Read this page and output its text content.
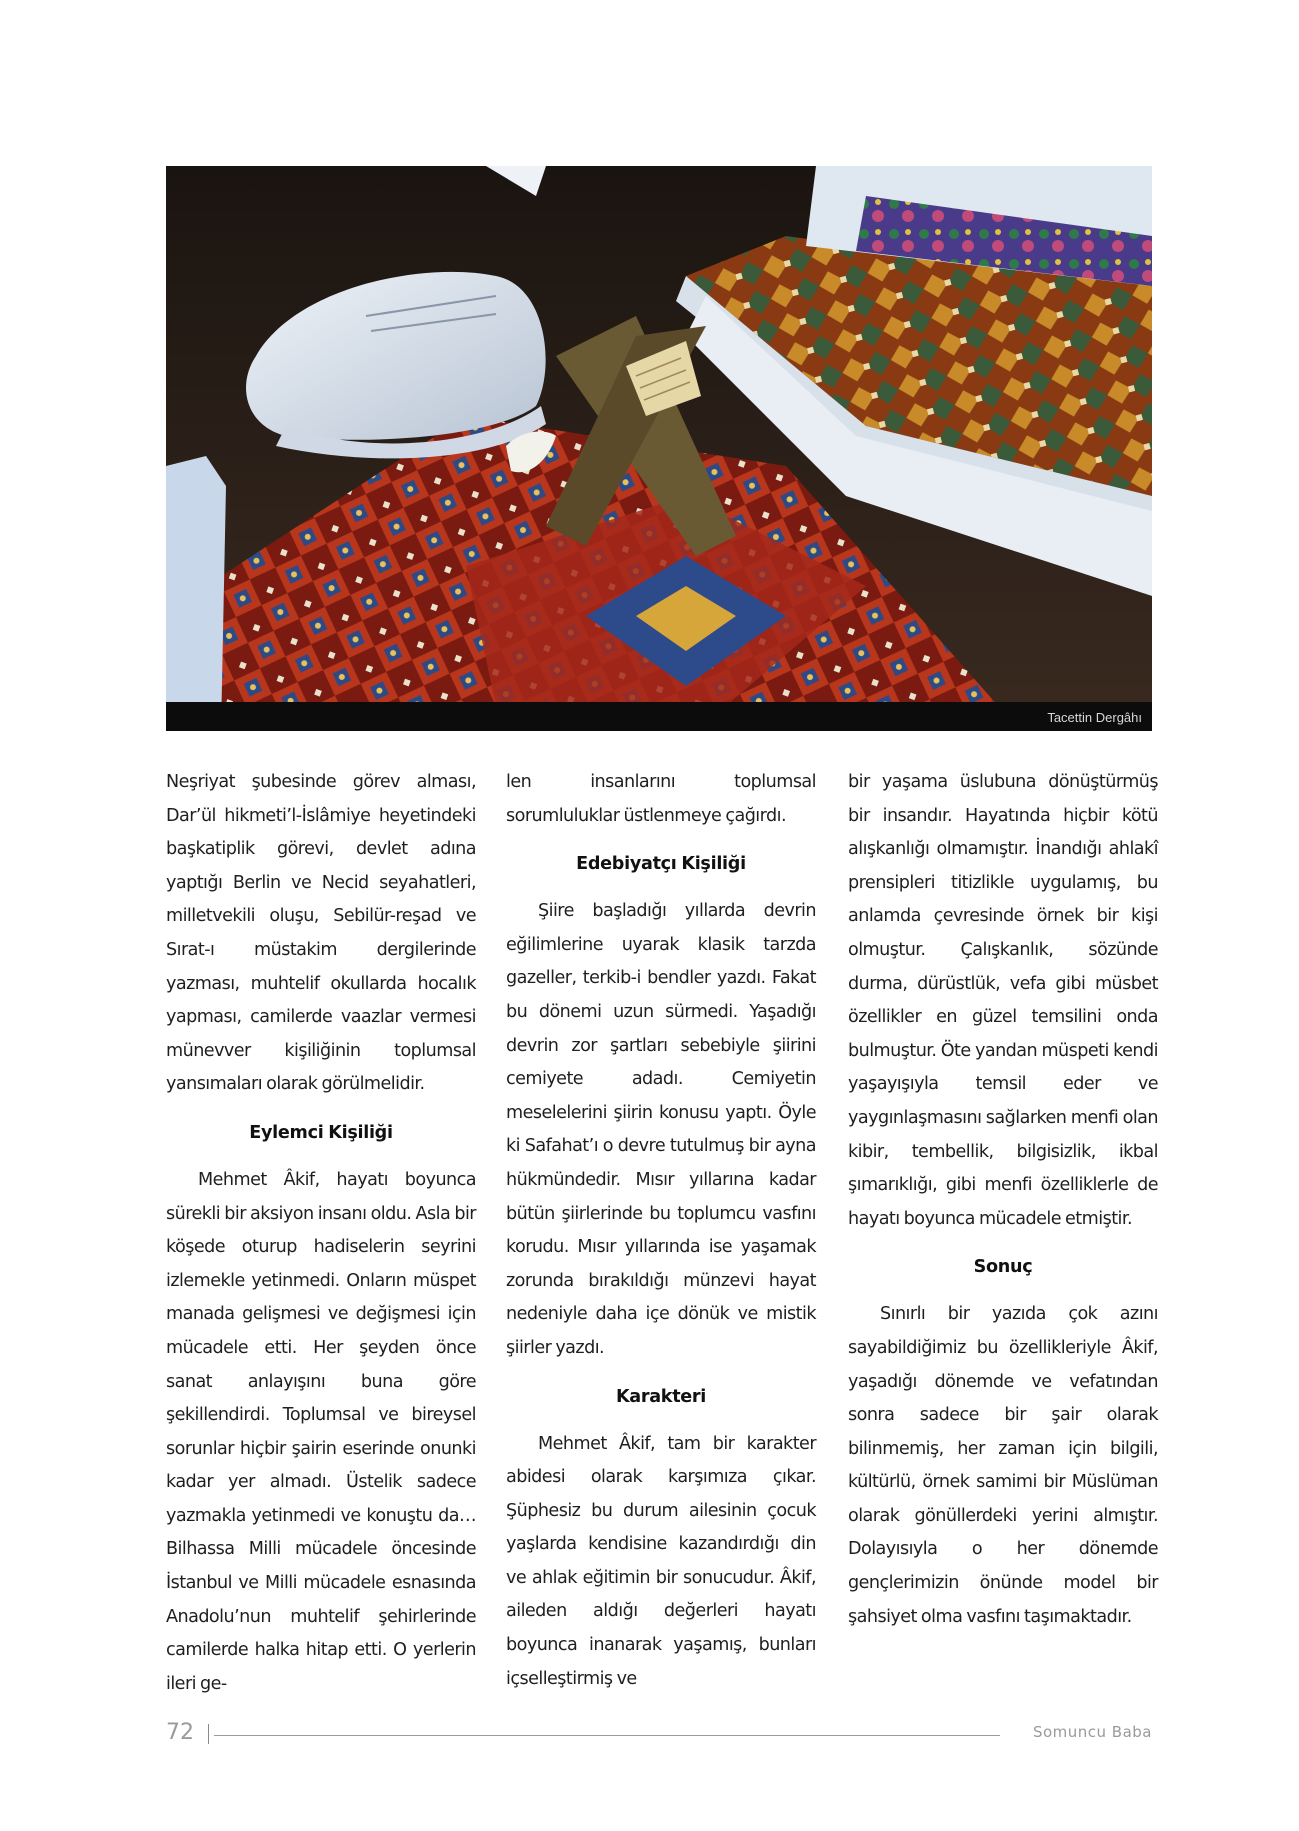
Tacettin Dergâhı

Neşriyat şubesinde görev alması, Dar’ül hikmeti’l-İslâmiye heyetindeki başkatiplik görevi, devlet adına yaptığı Berlin ve Necid seyahatleri, milletvekili oluşu, Sebilür-reşad ve Sırat-ı müstakim dergilerinde yazması, muhtelif okullarda hocalık yapması, camilerde vaazlar vermesi münevver kişiliğinin toplumsal yansımaları olarak görülmelidir.

Eylemci Kişiliği

Mehmet Âkif, hayatı boyunca sürekli bir aksiyon insanı oldu. Asla bir köşede oturup hadiselerin seyrini izlemekle yetinmedi. Onların müspet manada gelişmesi ve değişmesi için mücadele etti. Her şeyden önce sanat anlayışını buna göre şekillendirdi. Toplumsal ve bireysel sorunlar hiçbir şairin eserinde onunki kadar yer almadı. Üstelik sadece yazmakla yetinmedi ve konuştu da…Bilhassa Milli mücadele öncesinde İstanbul ve Milli mücadele esnasında Anadolu’nun muhtelif şehirlerinde camilerde halka hitap etti. O yerlerin ileri ge-

len insanlarını toplumsal sorumluluklar üstlenmeye çağırdı.

Edebiyatçı Kişiliği

Şiire başladığı yıllarda devrin eğilimlerine uyarak klasik tarzda gazeller, terkib-i bendler yazdı. Fakat bu dönemi uzun sürmedi. Yaşadığı devrin zor şartları sebebiyle şiirini cemiyete adadı. Cemiyetin meselelerini şiirin konusu yaptı. Öyle ki Safahat’ı o devre tutulmuş bir ayna hükmündedir. Mısır yıllarına kadar bütün şiirlerinde bu toplumcu vasfını korudu. Mısır yıllarında ise yaşamak zorunda bırakıldığı münzevi hayat nedeniyle daha içe dönük ve mistik şiirler yazdı.

Karakteri

Mehmet Âkif, tam bir karakter abidesi olarak karşımıza çıkar. Şüphesiz bu durum ailesinin çocuk yaşlarda kendisine kazandırdığı din ve ahlak eğitimin bir sonucudur. Âkif, aileden aldığı değerleri hayatı boyunca inanarak yaşamış, bunları içselleştirmiş ve

bir yaşama üslubuna dönüştürmüş bir insandır. Hayatında hiçbir kötü alışkanlığı olmamıştır. İnandığı ahlakî prensipleri titizlikle uygulamış, bu anlamda çevresinde örnek bir kişi olmuştur. Çalışkanlık, sözünde durma, dürüstlük, vefa gibi müsbet özellikler en güzel temsilini onda bulmuştur. Öte yandan müspeti kendi yaşayışıyla temsil eder ve yaygınlaşmasını sağlarken menfi olan kibir, tembellik, bilgisizlik, ikbal şımarıklığı, gibi menfi özelliklerle de hayatı boyunca mücadele etmiştir.

Sonuç

Sınırlı bir yazıda çok azını sayabildiğimiz bu özellikleriyle Âkif, yaşadığı dönemde ve vefatından sonra sadece bir şair olarak bilinmemiş, her zaman için bilgili, kültürlü, örnek samimi bir Müslüman olarak gönüllerdeki yerini almıştır. Dolayısıyla o her dönemde gençlerimizin önünde model bir şahsiyet olma vasfını taşımaktadır.

72	Somuncu Baba
